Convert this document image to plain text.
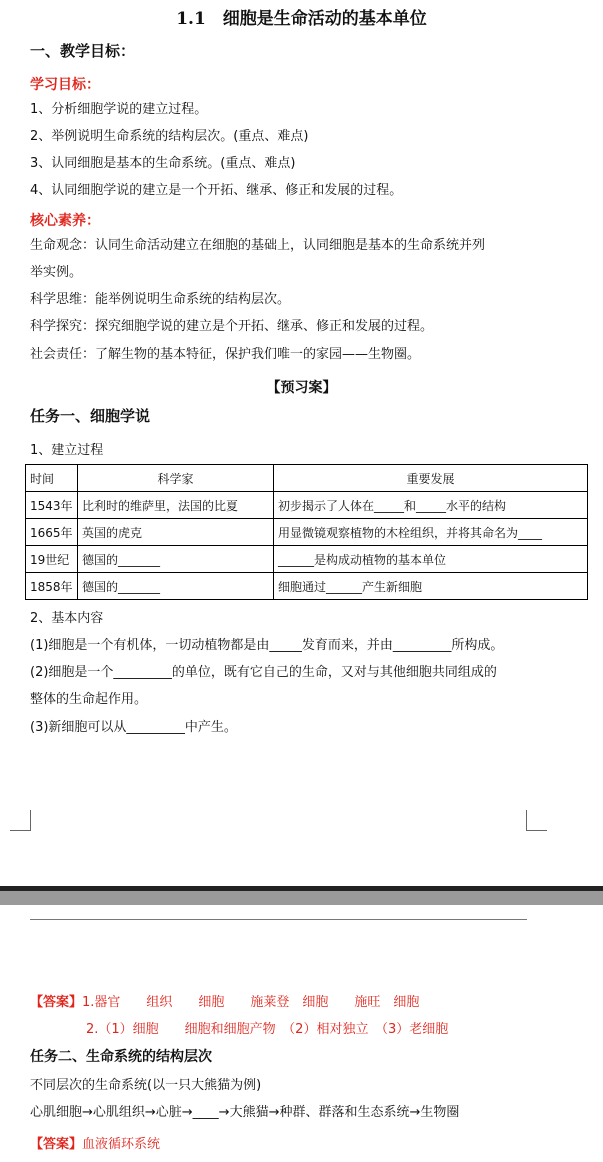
1.1　细胞是生命活动的基本单位
一、教学目标：
学习目标：
1、分析细胞学说的建立过程。
2、举例说明生命系统的结构层次。(重点、难点)
3、认同细胞是基本的生命系统。(重点、难点)
4、认同细胞学说的建立是一个开拓、继承、修正和发展的过程。
核心素养：
生命观念：认同生命活动建立在细胞的基础上，认同细胞是基本的生命系统并列
举实例。
科学思维：能举例说明生命系统的结构层次。
科学探究：探究细胞学说的建立是个开拓、继承、修正和发展的过程。
社会责任：了解生物的基本特征，保护我们唯一的家园——生物圈。
【预习案】
任务一、细胞学说
1、建立过程
时间	科学家	重要发展
1543年	比利时的维萨里，法国的比夏	初步揭示了人体在_____和_____水平的结构
1665年	英国的虎克	用显微镜观察植物的木栓组织，并将其命名为____
19世纪	德国的_______	______是构成动植物的基本单位
1858年	德国的_______	细胞通过______产生新细胞
2、基本内容
(1)细胞是一个有机体，一切动植物都是由_____发育而来，并由_________所构成。
(2)细胞是一个_________的单位，既有它自己的生命，又对与其他细胞共同组成的
整体的生命起作用。
(3)新细胞可以从_________中产生。
【答案】1.器官　　组织　　细胞　　施莱登　细胞　　施旺　细胞
2.（1）细胞　　细胞和细胞产物　（2）相对独立　（3）老细胞
任务二、生命系统的结构层次
不同层次的生命系统(以一只大熊猫为例)
心肌细胞→心肌组织→心脏→____→大熊猫→种群、群落和生态系统→生物圈
【答案】血液循环系统
